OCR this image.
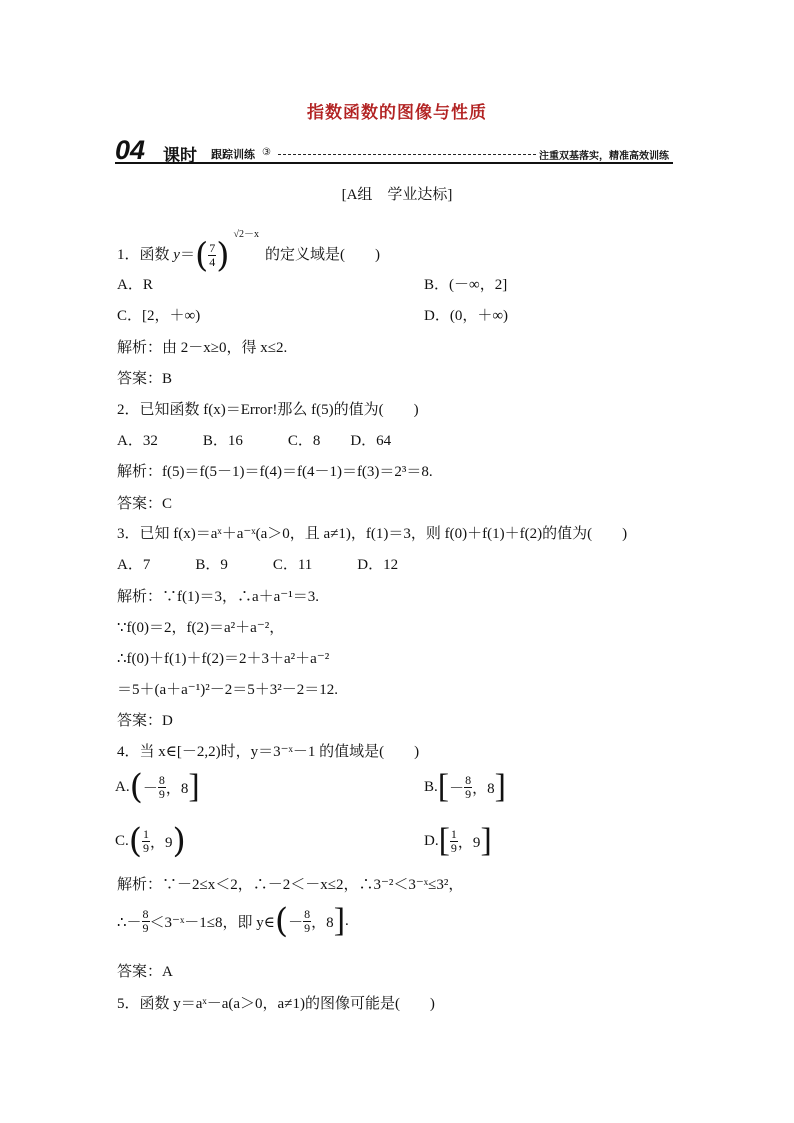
指数函数的图像与性质
04 课时 跟踪训练 ③	注重双基落实，精准高效训练
[A组　学业达标]
1．函数 $y=( \frac{7}{4} )^{√2-x}$的定义域是(　　)
A．R	B．(－∞，2]
C．[2，＋∞)	D．(0，＋∞)
解析：由 2－x≥0，得 x≤2.
答案：B
2．已知函数 f(x)＝Error!那么 f(5)的值为(　　)
A．32　　　B．16　　　C．8　　D．64
解析：f(5)＝f(5－1)＝f(4)＝f(4－1)＝f(3)＝2³＝8.
答案：C
3．已知 f(x)＝aˣ＋a⁻ˣ(a＞0，且 a≠1)，f(1)＝3，则 f(0)＋f(1)＋f(2)的值为(　　)
A．7　　　B．9　　　C．11　　　D．12
解析：∵f(1)＝3，∴a＋a⁻¹＝3.
∵f(0)＝2，f(2)＝a²＋a⁻²，
∴f(0)＋f(1)＋f(2)＝2＋3＋a²＋a⁻²
＝5＋(a＋a⁻¹)²－2＝5＋3²－2＝12.
答案：D
4．当 x∈[－2,2)时，y＝3⁻ˣ－1 的值域是(　　)
$A.(- \frac{8}{9}$ ，8]	$B.[- \frac{8}{9}$ ，8]
$C.( \frac{1}{9}$ ，9)	$D.[ \frac{1}{9}$ ，9]
解析：∵－2≤x＜2，∴－2＜－x≤2，∴3⁻²＜3⁻ˣ≤3²，
∴－ $\frac{8}{9}$ ＜3⁻ˣ－1≤8，即 y∈(－ $\frac{8}{9}$ ，8].
答案：A
5．函数 y＝aˣ－a(a＞0，a≠1)的图像可能是(　　)
